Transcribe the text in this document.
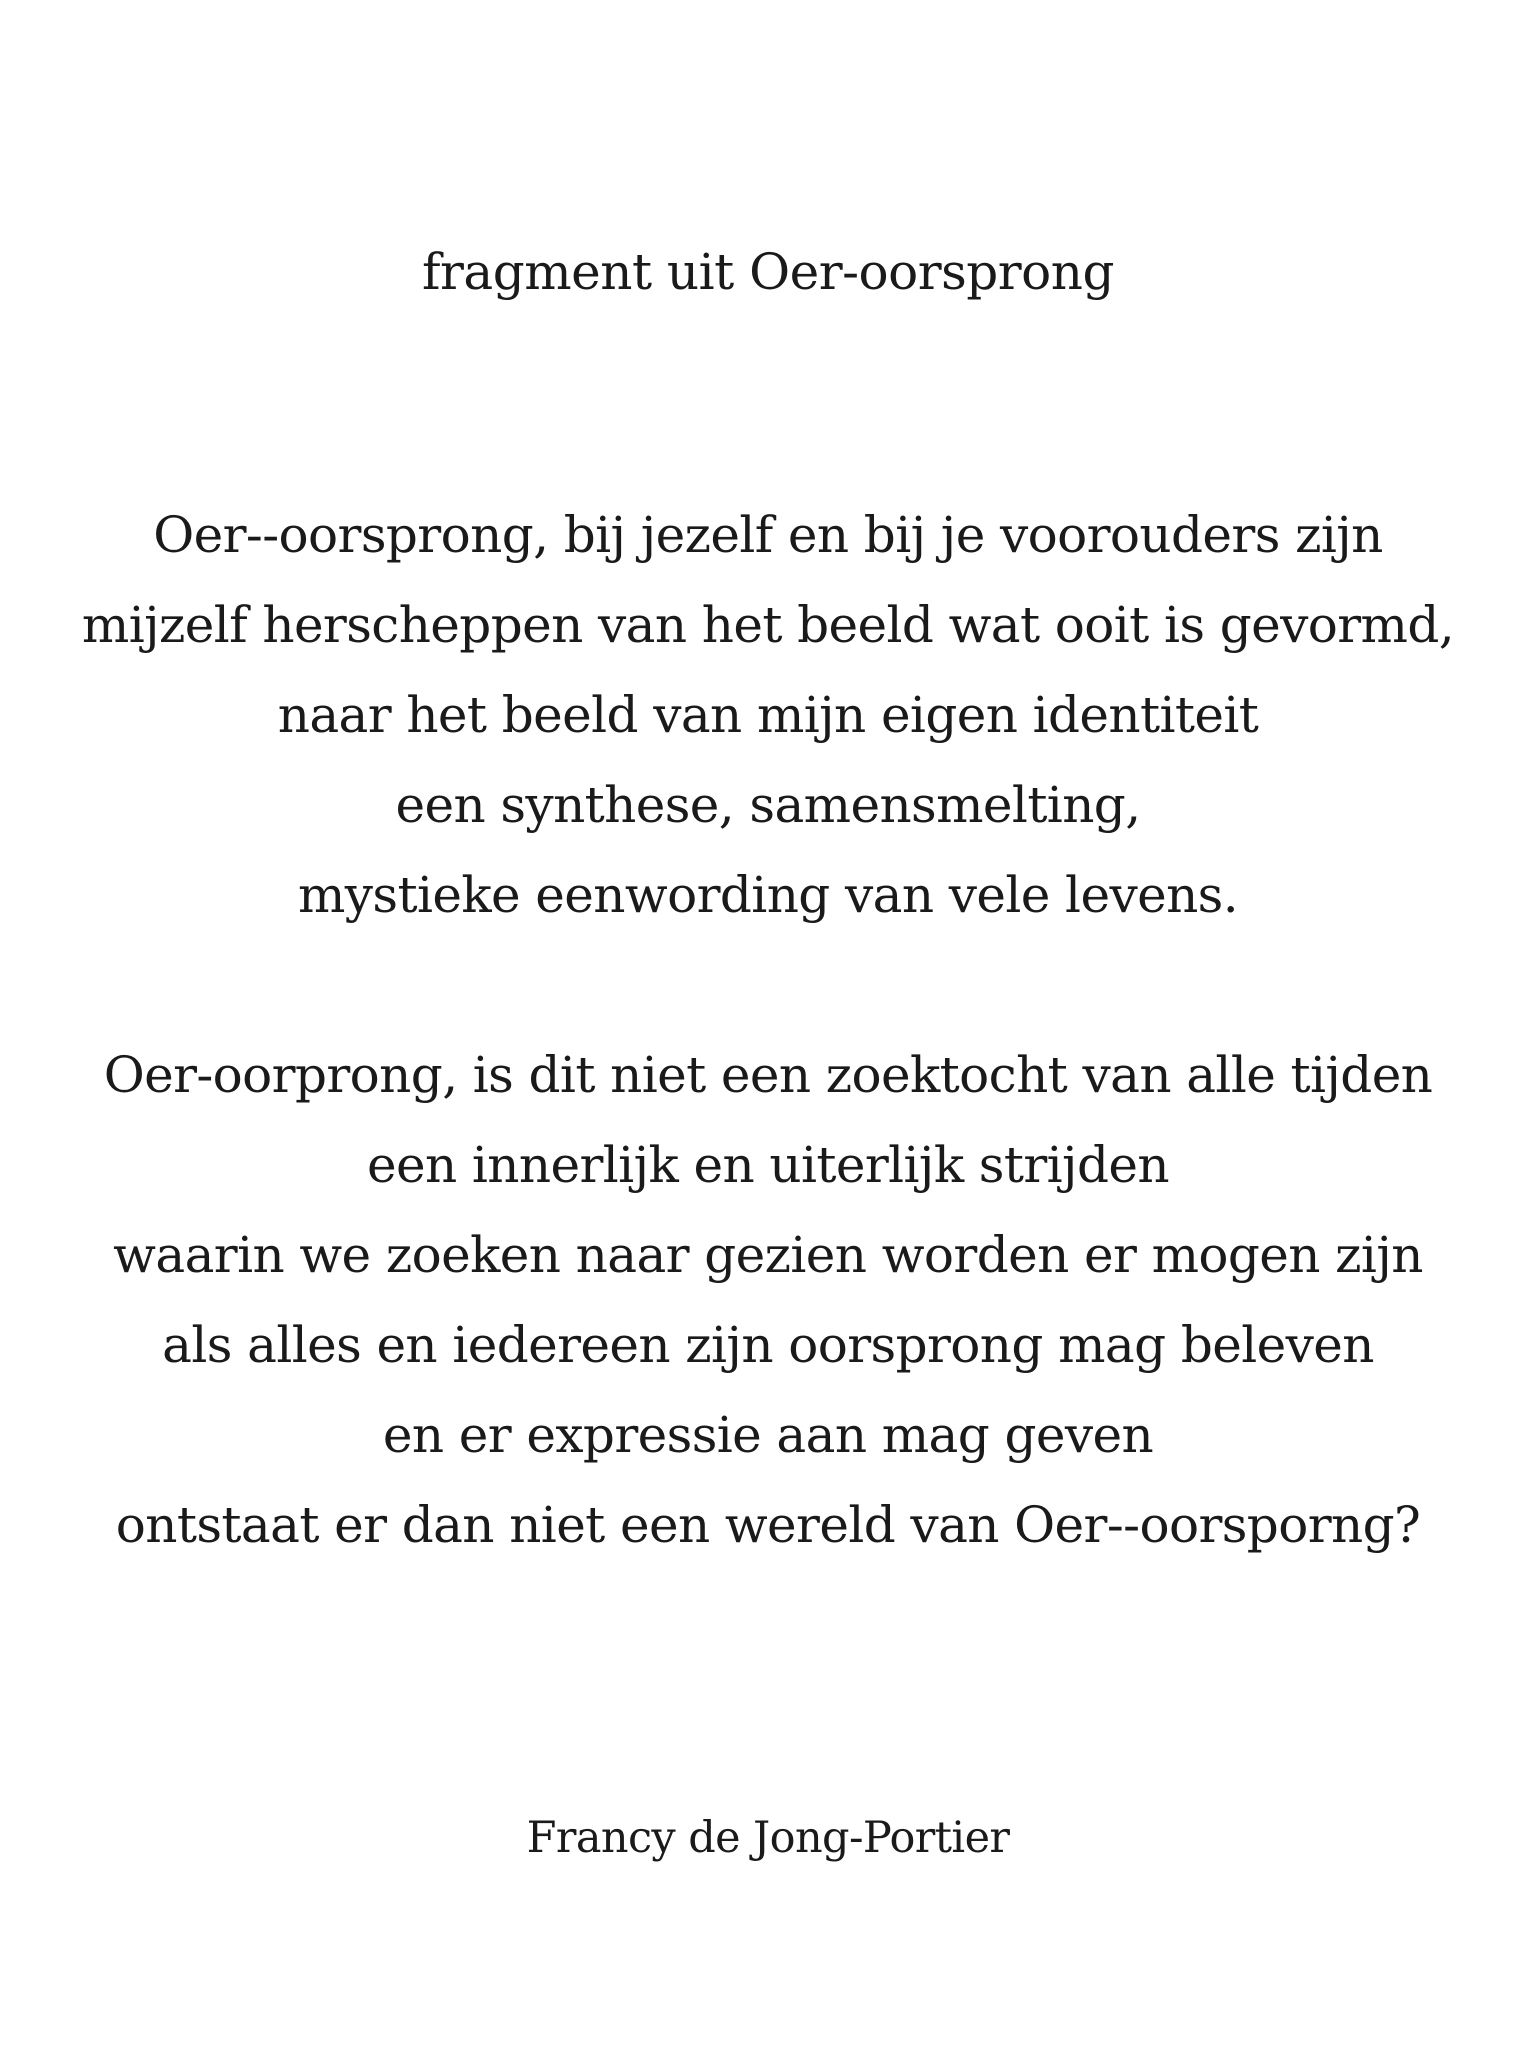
fragment uit Oer-oorsprong
Oer--oorsprong, bij jezelf en bij je voorouders zijn
mijzelf herscheppen van het beeld wat ooit is gevormd,
naar het beeld van mijn eigen identiteit
een synthese, samensmelting,
mystieke eenwording van vele levens.
Oer-oorprong, is dit niet een zoektocht van alle tijden
een innerlijk en uiterlijk strijden
waarin we zoeken naar gezien worden er mogen zijn
als alles en iedereen zijn oorsprong mag beleven
en er expressie aan mag geven
ontstaat er dan niet een wereld van Oer--oorsporng?
Francy de Jong-Portier
